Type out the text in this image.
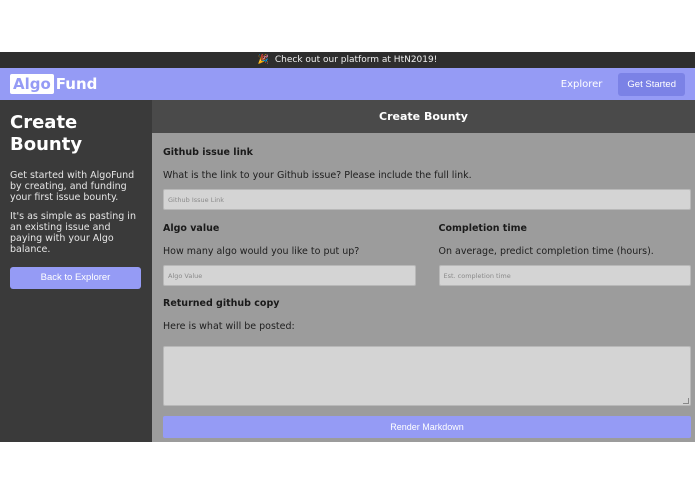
🎉 Check out our platform at HtN2019!
Algo Fund	Explorer	Get Started
Create Bounty

Get started with AlgoFund by creating, and funding your first issue bounty.

It's as simple as pasting in an existing issue and paying with your Algo balance.

Back to Explorer
Create Bounty
Github issue link
What is the link to your Github issue? Please include the full link.
Github Issue Link
Algo value
How many algo would you like to put up?
Algo Value
Completion time
On average, predict completion time (hours).
Est. completion time
Returned github copy
Here is what will be posted:
Render Markdown
